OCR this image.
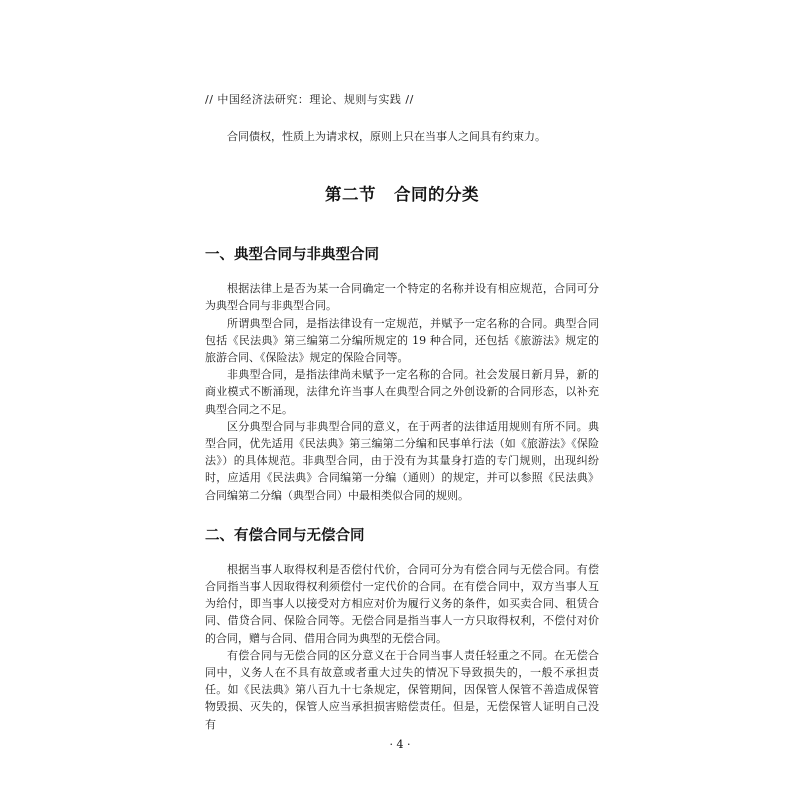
// 中国经济法研究：理论、规则与实践 //

合同债权，性质上为请求权，原则上只在当事人之间具有约束力。

第二节 合同的分类
一、典型合同与非典型合同

根据法律上是否为某一合同确定一个特定的名称并设有相应规范，合同可分为典型合同与非典型合同。

所谓典型合同，是指法律设有一定规范，并赋予一定名称的合同。典型合同包括《民法典》第三编第二分编所规定的 19 种合同，还包括《旅游法》规定的旅游合同、《保险法》规定的保险合同等。

非典型合同，是指法律尚未赋予一定名称的合同。社会发展日新月异，新的商业模式不断涌现，法律允许当事人在典型合同之外创设新的合同形态，以补充典型合同之不足。

区分典型合同与非典型合同的意义，在于两者的法律适用规则有所不同。典型合同，优先适用《民法典》第三编第二分编和民事单行法（如《旅游法》《保险法》）的具体规范。非典型合同，由于没有为其量身打造的专门规则，出现纠纷时，应适用《民法典》合同编第一分编（通则）的规定，并可以参照《民法典》合同编第二分编（典型合同）中最相类似合同的规则。

二、有偿合同与无偿合同

根据当事人取得权利是否偿付代价，合同可分为有偿合同与无偿合同。有偿合同指当事人因取得权利须偿付一定代价的合同。在有偿合同中，双方当事人互为给付，即当事人以接受对方相应对价为履行义务的条件，如买卖合同、租赁合同、借贷合同、保险合同等。无偿合同是指当事人一方只取得权利，不偿付对价的合同，赠与合同、借用合同为典型的无偿合同。

有偿合同与无偿合同的区分意义在于合同当事人责任轻重之不同。在无偿合同中，义务人在不具有故意或者重大过失的情况下导致损失的，一般不承担责任。如《民法典》第八百九十七条规定，保管期间，因保管人保管不善造成保管物毁损、灭失的，保管人应当承担损害赔偿责任。但是，无偿保管人证明自己没有

· 4 ·
